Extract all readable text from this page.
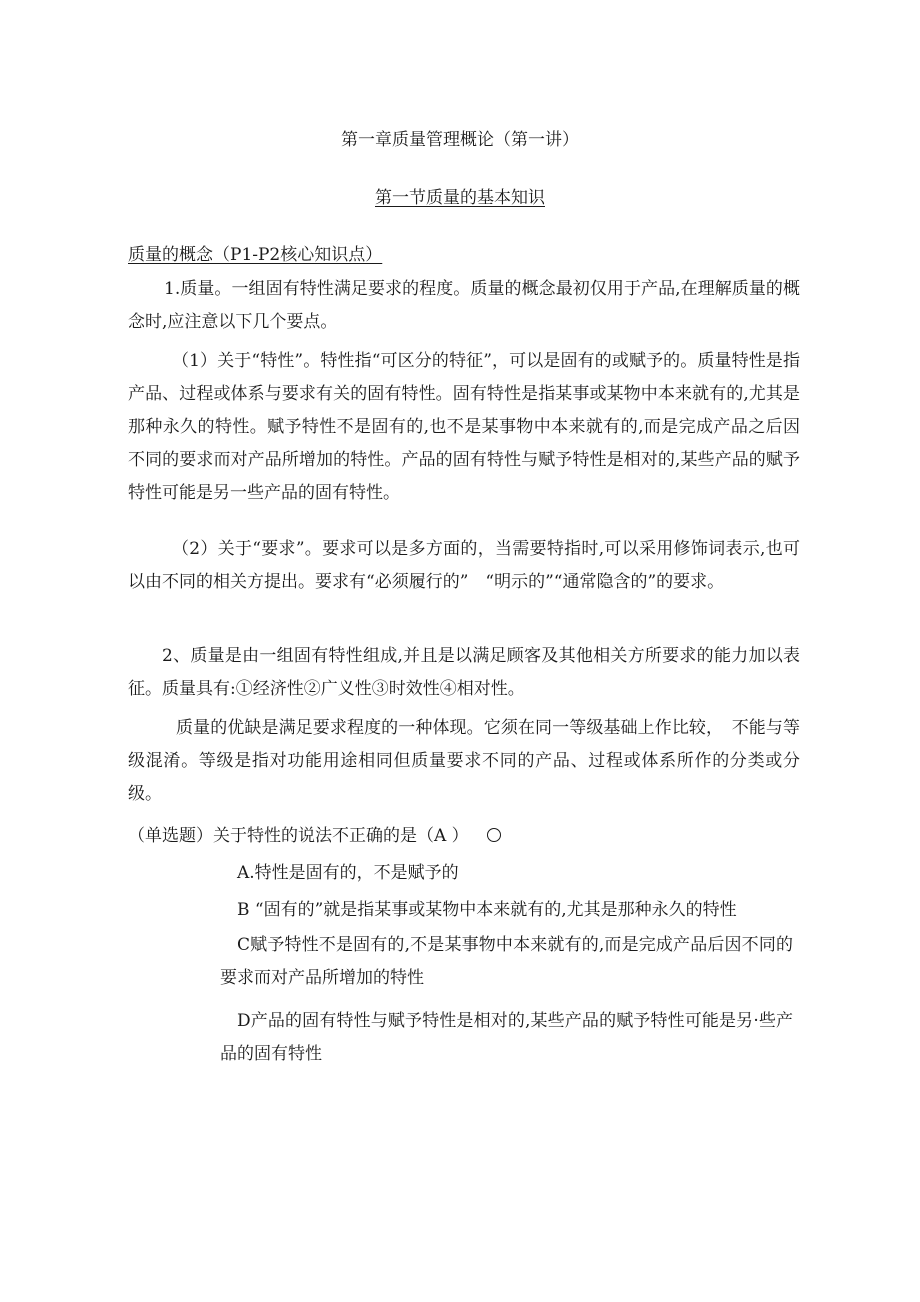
第一章质量管理概论（第一讲）
第一节质量的基本知识
质量的概念（P1-P2核心知识点）
1.质量。一组固有特性满足要求的程度。质量的概念最初仅用于产品,在理解质量的概念时,应注意以下几个要点。
（1）关于“特性”。特性指“可区分的特征”，可以是固有的或赋予的。质量特性是指产品、过程或体系与要求有关的固有特性。固有特性是指某事或某物中本来就有的,尤其是那种永久的特性。赋予特性不是固有的,也不是某事物中本来就有的,而是完成产品之后因不同的要求而对产品所增加的特性。产品的固有特性与赋予特性是相对的,某些产品的赋予特性可能是另一些产品的固有特性。
（2）关于“要求”。要求可以是多方面的，当需要特指时,可以采用修饰词表示,也可以由不同的相关方提出。要求有“必须履行的”　“明示的”“通常隐含的”的要求。
2、质量是由一组固有特性组成,并且是以满足顾客及其他相关方所要求的能力加以表征。质量具有:①经济性②广义性③时效性④相对性。
质量的优缺是满足要求程度的一种体现。它须在同一等级基础上作比较，　不能与等级混淆。等级是指对功能用途相同但质量要求不同的产品、过程或体系所作的分类或分级。
（单选题）关于特性的说法不正确的是（A ）
A.特性是固有的，不是赋予的
B “固有的”就是指某事或某物中本来就有的,尤其是那种永久的特性
C赋予特性不是固有的,不是某事物中本来就有的,而是完成产品后因不同的要求而对产品所增加的特性
D产品的固有特性与赋予特性是相对的,某些产品的赋予特性可能是另·些产品的固有特性
